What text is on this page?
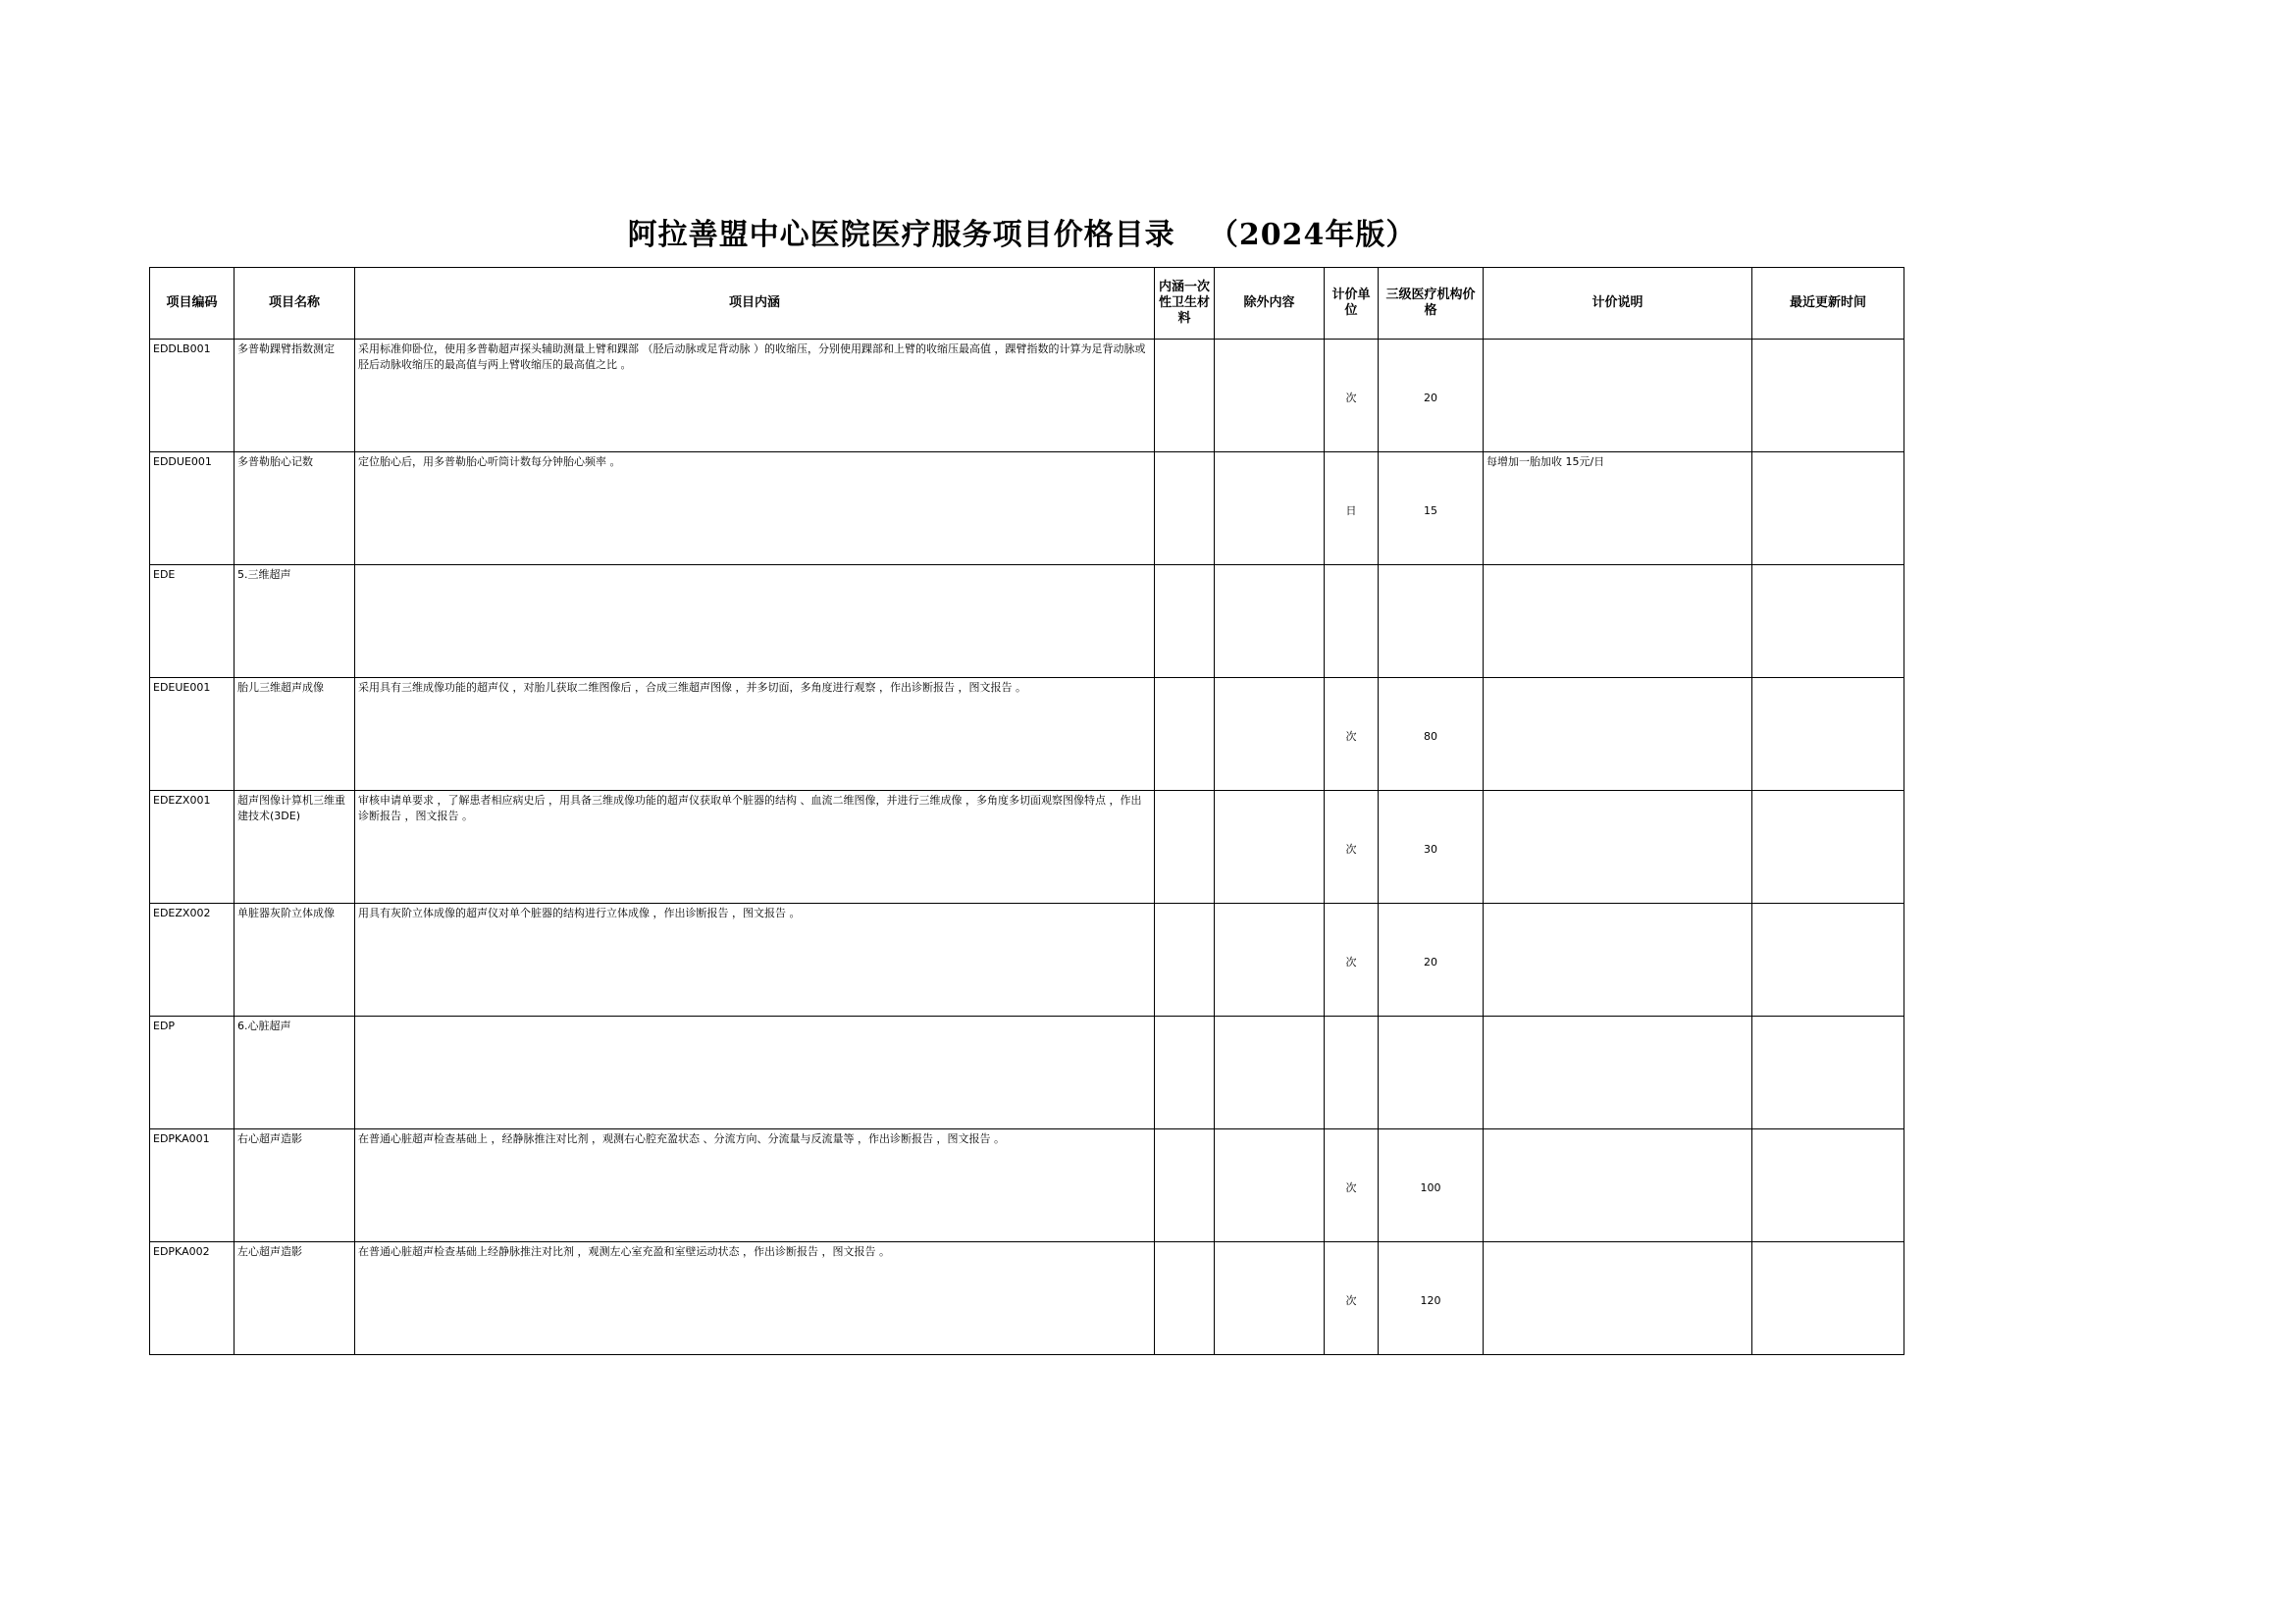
阿拉善盟中心医院医疗服务项目价格目录   （2024年版）
项目编码	项目名称	项目内涵	内涵一次性卫生材料	除外内容	计价单位	三级医疗机构价格	计价说明	最近更新时间
EDDLB001	多普勒踝臂指数测定	采用标准仰卧位，使用多普勒超声探头辅助测量上臂和踝部 （胫后动脉或足背动脉 ）的收缩压，分别使用踝部和上臂的收缩压最高值 ，踝臂指数的计算为足背动脉或胫后动脉收缩压的最高值与两上臂收缩压的最高值之比 。			次	20		
EDDUE001	多普勒胎心记数	定位胎心后，用多普勒胎心听筒计数每分钟胎心频率 。			日	15	每增加一胎加收 15元/日	
EDE	5.三维超声							
EDEUE001	胎儿三维超声成像	采用具有三维成像功能的超声仪 ，对胎儿获取二维图像后 ，合成三维超声图像 ，并多切面，多角度进行观察 ，作出诊断报告 ，图文报告 。			次	80		
EDEZX001	超声图像计算机三维重建技术(3DE)	审核申请单要求 ，了解患者相应病史后 ，用具备三维成像功能的超声仪获取单个脏器的结构 、血流二维图像，并进行三维成像 ，多角度多切面观察图像特点 ，作出诊断报告 ，图文报告 。			次	30		
EDEZX002	单脏器灰阶立体成像	用具有灰阶立体成像的超声仪对单个脏器的结构进行立体成像 ，作出诊断报告 ，图文报告 。			次	20		
EDP	6.心脏超声							
EDPKA001	右心超声造影	在普通心脏超声检查基础上 ，经静脉推注对比剂 ，观测右心腔充盈状态 、分流方向、分流量与反流量等 ，作出诊断报告 ，图文报告 。			次	100		
EDPKA002	左心超声造影	在普通心脏超声检查基础上经静脉推注对比剂 ，观测左心室充盈和室壁运动状态 ，作出诊断报告 ，图文报告 。			次	120		
